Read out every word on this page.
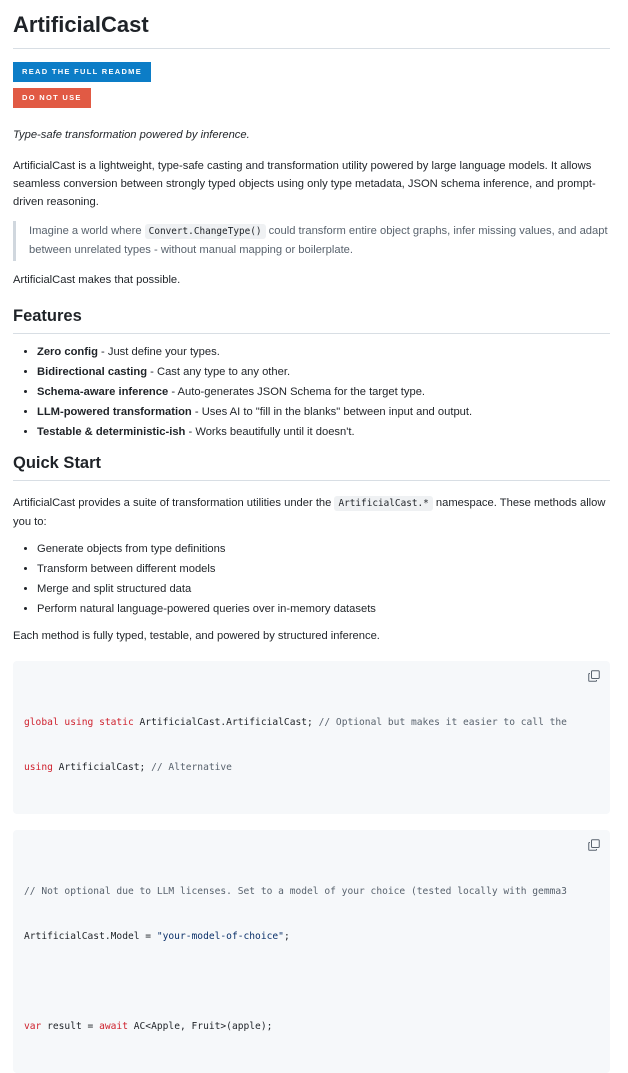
ArtificialCast
READ THE FULL README
DO NOT USE

Type-safe transformation powered by inference.

ArtificialCast is a lightweight, type-safe casting and transformation utility powered by large language models. It allows seamless conversion between strongly typed objects using only type metadata, JSON schema inference, and prompt-driven reasoning.

Imagine a world where Convert.ChangeType() could transform entire object graphs, infer missing values, and adapt between unrelated types - without manual mapping or boilerplate.

ArtificialCast makes that possible.

Features
• Zero config - Just define your types.
• Bidirectional casting - Cast any type to any other.
• Schema-aware inference - Auto-generates JSON Schema for the target type.
• LLM-powered transformation - Uses AI to "fill in the blanks" between input and output.
• Testable & deterministic-ish - Works beautifully until it doesn't.
Quick Start

ArtificialCast provides a suite of transformation utilities under the ArtificialCast.* namespace. These methods allow you to:

• Generate objects from type definitions
• Transform between different models
• Merge and split structured data
• Perform natural language-powered queries over in-memory datasets

Each method is fully typed, testable, and powered by structured inference.

global using static ArtificialCast.ArtificialCast; // Optional but makes it easier to call the

using ArtificialCast; // Alternative

// Not optional due to LLM licenses. Set to a model of your choice (tested locally with gemma3

ArtificialCast.Model = "your-model-of-choice";

var result = await AC<Apple, Fruit>(apple);
